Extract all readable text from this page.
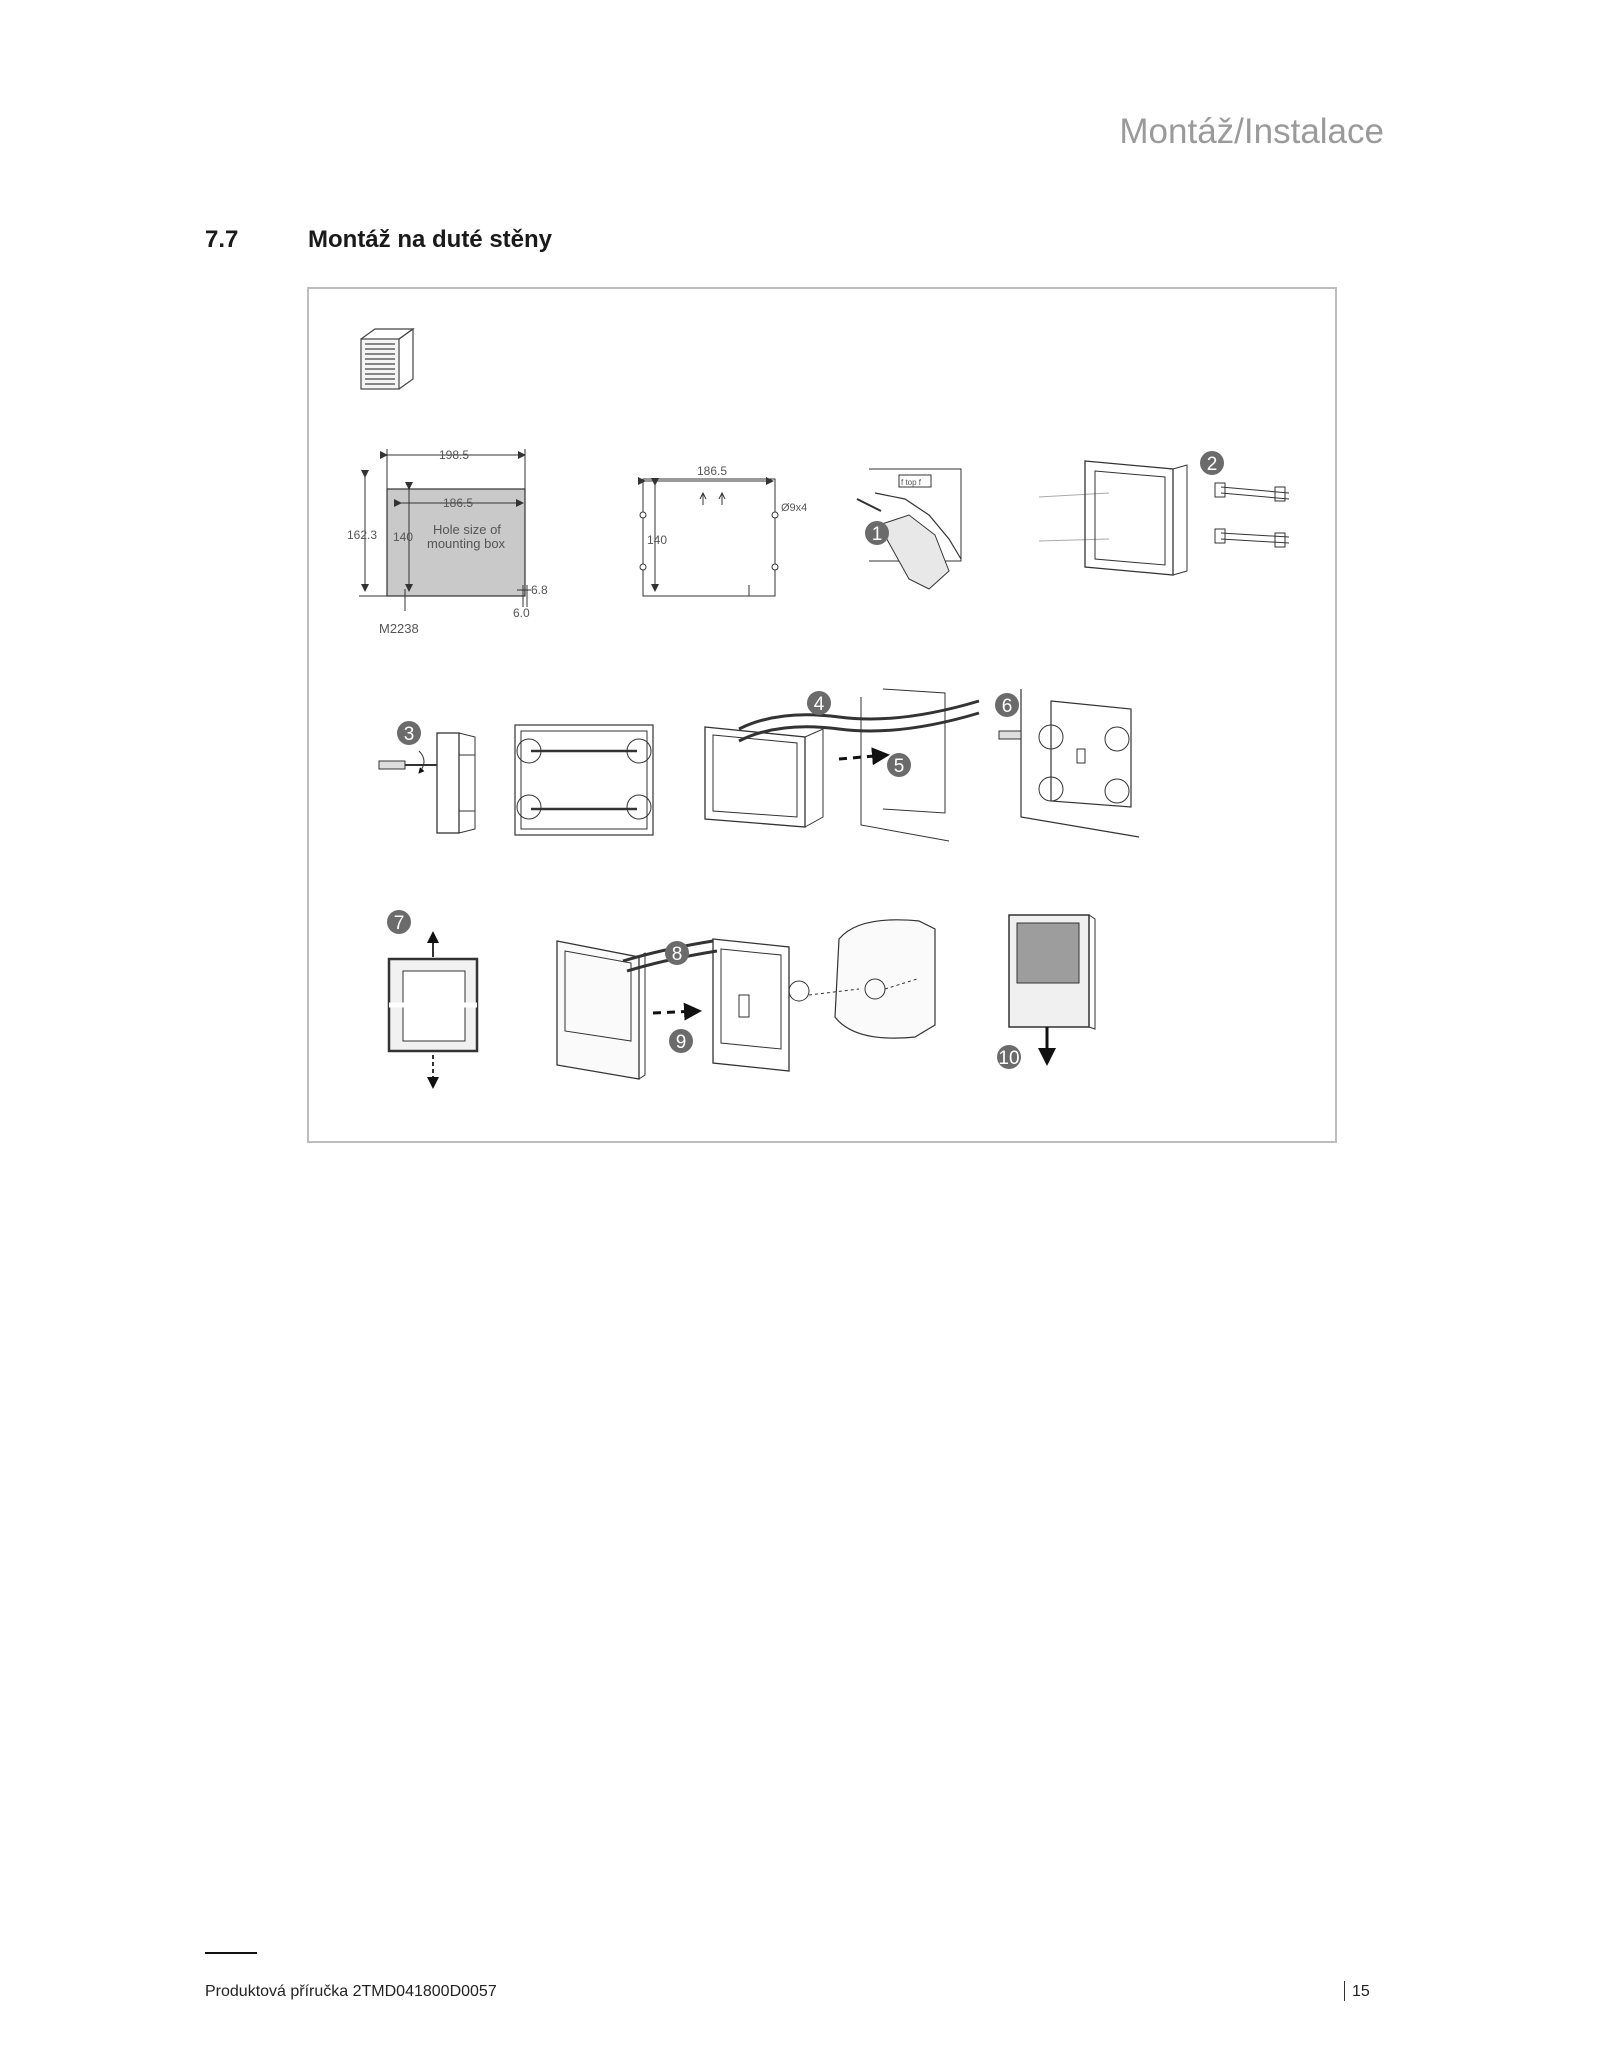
Montáž/Instalace
7.7	Montáž na duté stěny
198.5
186.5
162.3 140 Hole size of
mounting box
6.8
6.0
M2238
186.5
140
Ø9x4
f top f
1
2
3
4
5
6
7
8
9
10
Produktová příručka 2TMD041800D0057	15
